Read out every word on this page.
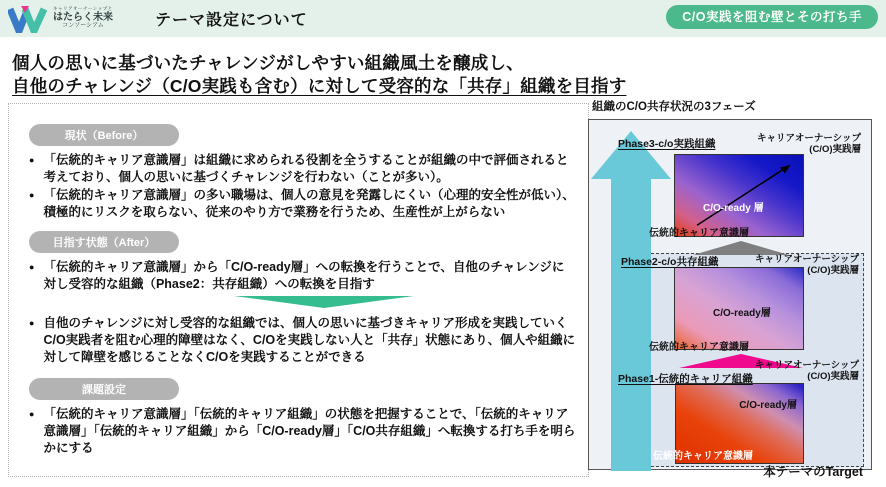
キャリアオーナーシップと
はたらく未来
コンソーシアム	テーマ設定について	C/O実践を阻む壁とその打ち手
個人の思いに基づいたチャレンジがしやすい組織風土を醸成し、
自他のチャレンジ（C/O実践も含む）に対して受容的な「共存」組織を目指す
現状（Before）
● 「伝統的キャリア意識層」は組織に求められる役割を全うすることが組織の中で評価されると考えており、個人の思いに基づくチャレンジを行わない（ことが多い）。
● 「伝統的キャリア意識層」の多い職場は、個人の意見を発露しにくい（心理的安全性が低い）、積極的にリスクを取らない、従来のやり方で業務を行うため、生産性が上がらない
目指す状態（After）
● 「伝統的キャリア意識層」から「C/O-ready層」への転換を行うことで、自他のチャレンジに対し受容的な組織（Phase2：共存組織）への転換を目指す
● 自他のチャレンジに対し受容的な組織では、個人の思いに基づきキャリア形成を実践していくC/O実践者を阻む心理的障壁はなく、C/Oを実践しない人と「共存」状態にあり、個人や組織に対して障壁を感じることなくC/Oを実践することができる
課題設定
● 「伝統的キャリア意識層」「伝統的キャリア組織」の状態を把握することで、「伝統的キャリア意識層」「伝統的キャリア組織」から「C/O-ready層」「C/O共存組織」へ転換する打ち手を明らかにする
組織のC/O共存状況の3フェーズ
Phase3-c/o実践組織	キャリアオーナーシップ
(C/O)実践層
C/O-ready 層
伝統的キャリア意識層
Phase2-c/o共存組織	キャリアオーナーシップ
(C/O)実践層
C/O-ready層
伝統的キャリア意識層
キャリアオーナーシップ
(C/O)実践層
Phase1-伝統的キャリア組織
C/O-ready層
伝統的キャリア意識層
本テーマのTarget
